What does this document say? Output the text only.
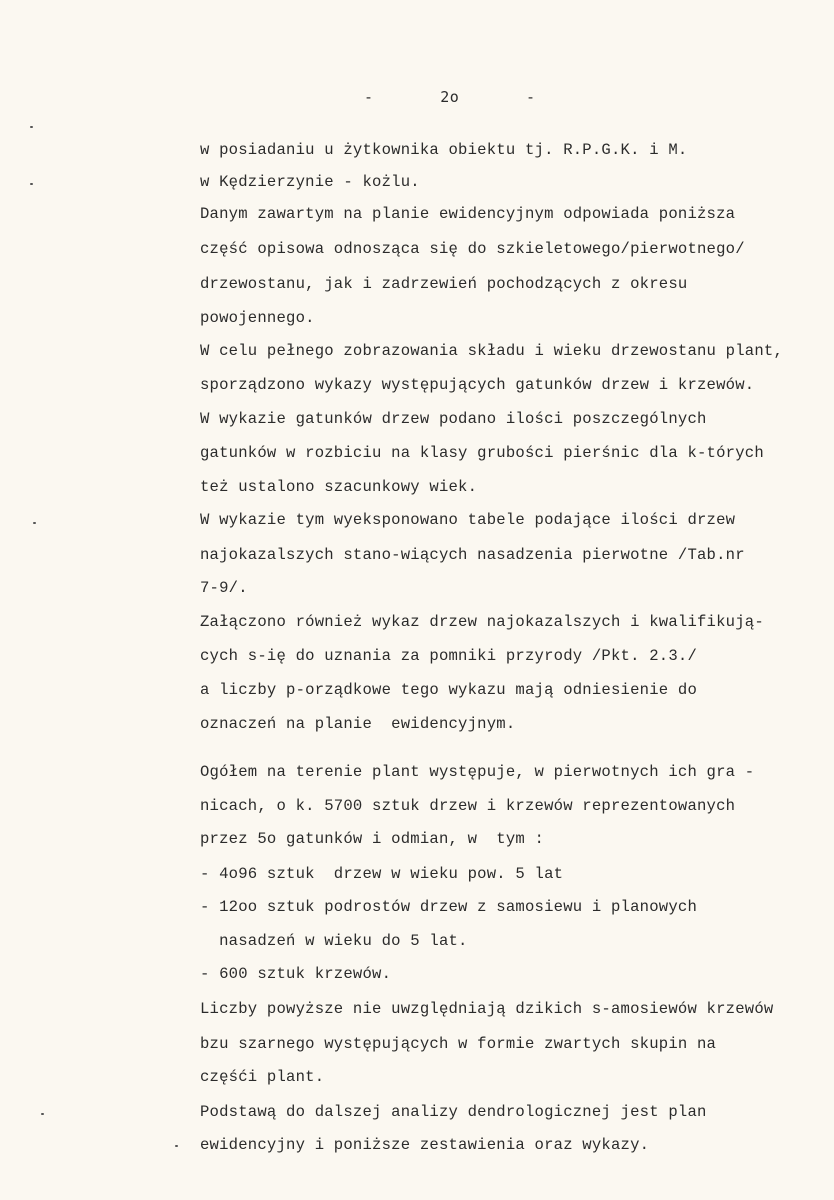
-       2o       -
w posiadaniu u żytkownika obiektu tj. R.P.G.K. i M.
w Kędzierzynie - kożlu.
Danym zawartym na planie ewidencyjnym odpowiada poniższa
część opisowa odnosząca się do szkieletowego/pierwotnego/
drzewostanu, jak i zadrzewień pochodzących z okresu
powojennego.
W celu pełnego zobrazowania składu i wieku drzewostanu plant,
sporządzono wykazy występujących gatunków drzew i krzewów.
W wykazie gatunków drzew podano ilości poszczególnych
gatunków w rozbiciu na klasy grubości pierśnic dla k-tórych
też ustalono szacunkowy wiek.
W wykazie tym wyeksponowano tabele podające ilości drzew
najokazalszych stano-wiących nasadzenia pierwotne /Tab.nr
7-9/.
Załączono również wykaz drzew najokazalszych i kwalifikują-
cych s-ię do uznania za pomniki przyrody /Pkt. 2.3./
a liczby p-orządkowe tego wykazu mają odniesienie do
oznaczeń na planie  ewidencyjnym.
Ogółem na terenie plant występuje, w pierwotnych ich gra -
nicach, o k. 5700 sztuk drzew i krzewów reprezentowanych
przez 5o gatunków i odmian, w  tym :
- 4o96 sztuk  drzew w wieku pow. 5 lat
- 12oo sztuk podrostów drzew z samosiewu i planowych
nasadzeń w wieku do 5 lat.
- 600 sztuk krzewów.
Liczby powyższe nie uwzględniają dzikich s-amosiewów krzewów
bzu szarnego występujących w formie zwartych skupin na
częśći plant.
Podstawą do dalszej analizy dendrologicznej jest plan
ewidencyjny i poniższe zestawienia oraz wykazy.
